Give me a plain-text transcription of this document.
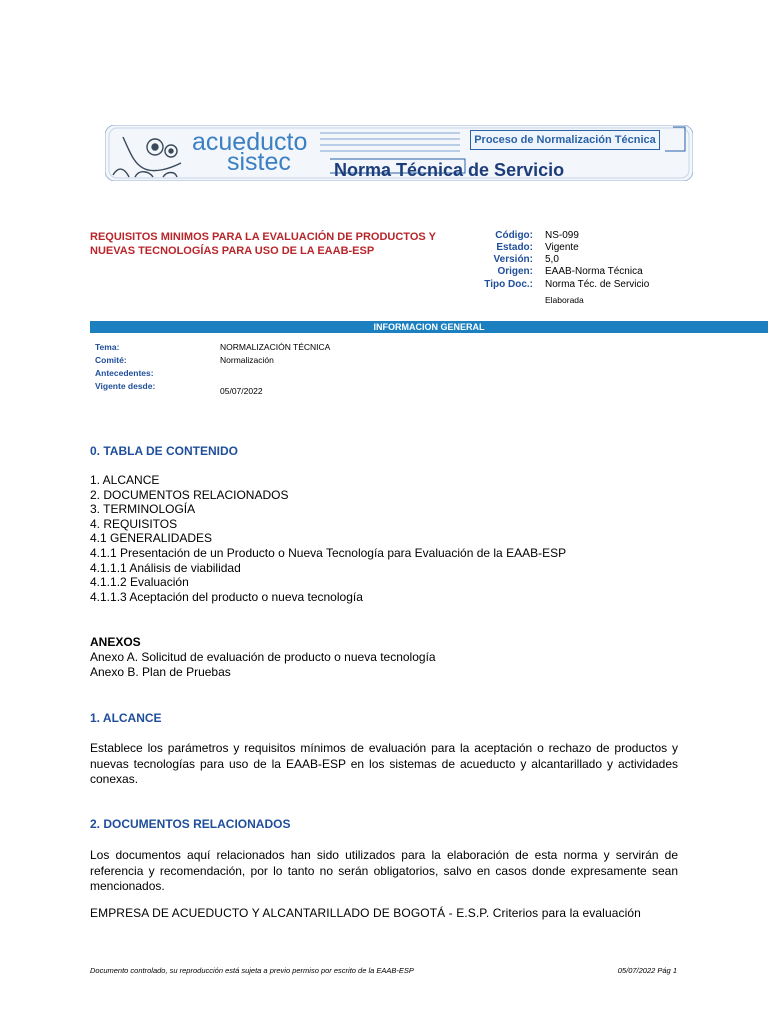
acueducto
sistec
Proceso de Normalización Técnica
Norma Técnica de Servicio
REQUISITOS MINIMOS PARA LA EVALUACIÓN DE PRODUCTOS Y NUEVAS TECNOLOGÍAS PARA USO DE LA EAAB-ESP
Código: NS-099
Estado: Vigente
Versión: 5,0
Origen: EAAB-Norma Técnica
Tipo Doc.: Norma Téc. de Servicio
Elaborada
INFORMACION GENERAL
Tema:	NORMALIZACIÓN TÉCNICA
Comité:	Normalización
Antecedentes:
Vigente desde:	05/07/2022
0. TABLA DE CONTENIDO
1. ALCANCE
2. DOCUMENTOS RELACIONADOS
3. TERMINOLOGÍA
4. REQUISITOS
4.1 GENERALIDADES
4.1.1 Presentación de un Producto o Nueva Tecnología para Evaluación de la EAAB-ESP
4.1.1.1 Análisis de viabilidad
4.1.1.2 Evaluación
4.1.1.3 Aceptación del producto o nueva tecnología
ANEXOS
Anexo A. Solicitud de evaluación de producto o nueva tecnología
Anexo B. Plan de Pruebas
1. ALCANCE
Establece los parámetros y requisitos mínimos de evaluación para la aceptación o rechazo de productos y nuevas tecnologías para uso de la EAAB-ESP en los sistemas de acueducto y alcantarillado y actividades conexas.
2. DOCUMENTOS RELACIONADOS
Los documentos aquí relacionados han sido utilizados para la elaboración de esta norma y servirán de referencia y recomendación, por lo tanto no serán obligatorios, salvo en casos donde expresamente sean mencionados.
EMPRESA DE ACUEDUCTO Y ALCANTARILLADO DE BOGOTÁ - E.S.P. Criterios para la evaluación
Documento controlado, su reproducción está sujeta a previo permiso por escrito de la EAAB-ESP	05/07/2022 Pág 1
